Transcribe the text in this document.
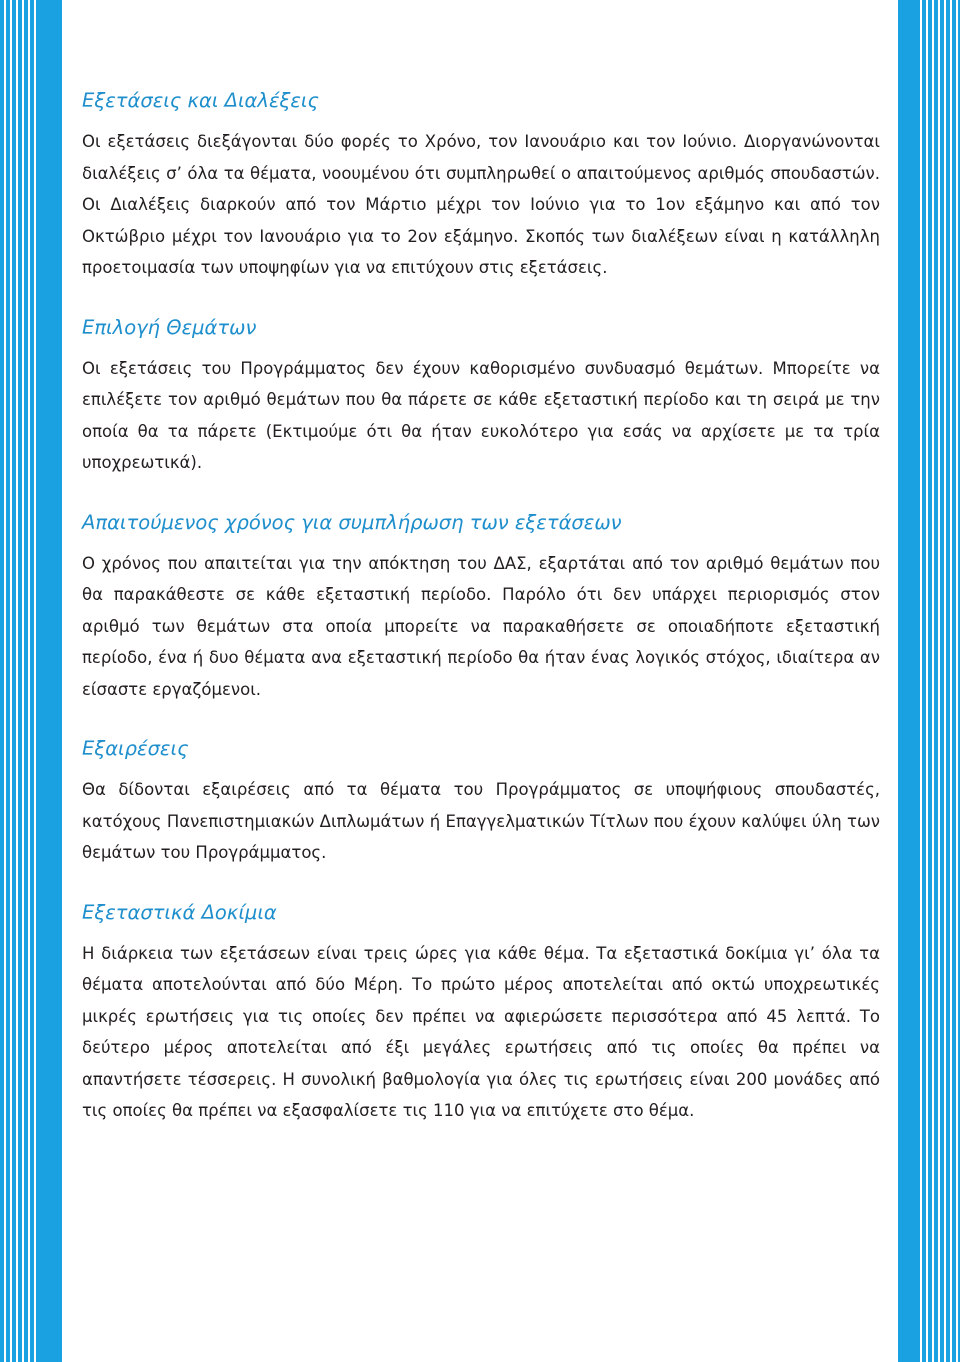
Εξετάσεις και Διαλέξεις

Οι εξετάσεις διεξάγονται δύο φορές το Χρόνο, τον Ιανουάριο και τον Ιούνιο. Διοργανώνονται διαλέξεις σ’ όλα τα θέματα, νοουμένου ότι συμπληρωθεί ο απαιτούμενος αριθμός σπουδαστών. Οι Διαλέξεις διαρκούν από τον Μάρτιο μέχρι τον Ιούνιο για το 1ον εξάμηνο και από τον Οκτώβριο μέχρι τον Ιανουάριο για το 2ον εξάμηνο. Σκοπός των διαλέξεων είναι η κατάλληλη προετοιμασία των υποψηφίων για να επιτύχουν στις εξετάσεις.

Επιλογή Θεμάτων

Οι εξετάσεις του Προγράμματος δεν έχουν καθορισμένο συνδυασμό θεμάτων. Μπορείτε να επιλέξετε τον αριθμό θεμάτων που θα πάρετε σε κάθε εξεταστική περίοδο και τη σειρά με την οποία θα τα πάρετε (Εκτιμούμε ότι θα ήταν ευκολότερο για εσάς να αρχίσετε με τα τρία υποχρεωτικά).

Απαιτούμενος χρόνος για συμπλήρωση των εξετάσεων

Ο χρόνος που απαιτείται για την απόκτηση του ΔΑΣ, εξαρτάται από τον αριθμό θεμάτων που θα παρακάθεστε σε κάθε εξεταστική περίοδο. Παρόλο ότι δεν υπάρχει περιορισμός στον αριθμό των θεμάτων στα οποία μπορείτε να παρακαθήσετε σε οποιαδήποτε εξεταστική περίοδο, ένα ή δυο θέματα ανα εξεταστική περίοδο θα ήταν ένας λογικός στόχος, ιδιαίτερα αν είσαστε εργαζόμενοι.

Εξαιρέσεις

Θα δίδονται εξαιρέσεις από τα θέματα του Προγράμματος σε υποψήφιους σπουδαστές, κατόχους Πανεπιστημιακών Διπλωμάτων ή Επαγγελματικών Τίτλων που έχουν καλύψει ύλη των θεμάτων του Προγράμματος.

Εξεταστικά Δοκίμια

Η διάρκεια των εξετάσεων είναι τρεις ώρες για κάθε θέμα. Τα εξεταστικά δοκίμια γι’ όλα τα θέματα αποτελούνται από δύο Μέρη. Το πρώτο μέρος αποτελείται από οκτώ υποχρεωτικές μικρές ερωτήσεις για τις οποίες δεν πρέπει να αφιερώσετε περισσότερα από 45 λεπτά. Το δεύτερο μέρος αποτελείται από έξι μεγάλες ερωτήσεις από τις οποίες θα πρέπει να απαντήσετε τέσσερεις. Η συνολική βαθμολογία για όλες τις ερωτήσεις είναι 200 μονάδες από τις οποίες θα πρέπει να εξασφαλίσετε τις 110 για να επιτύχετε στο θέμα.
